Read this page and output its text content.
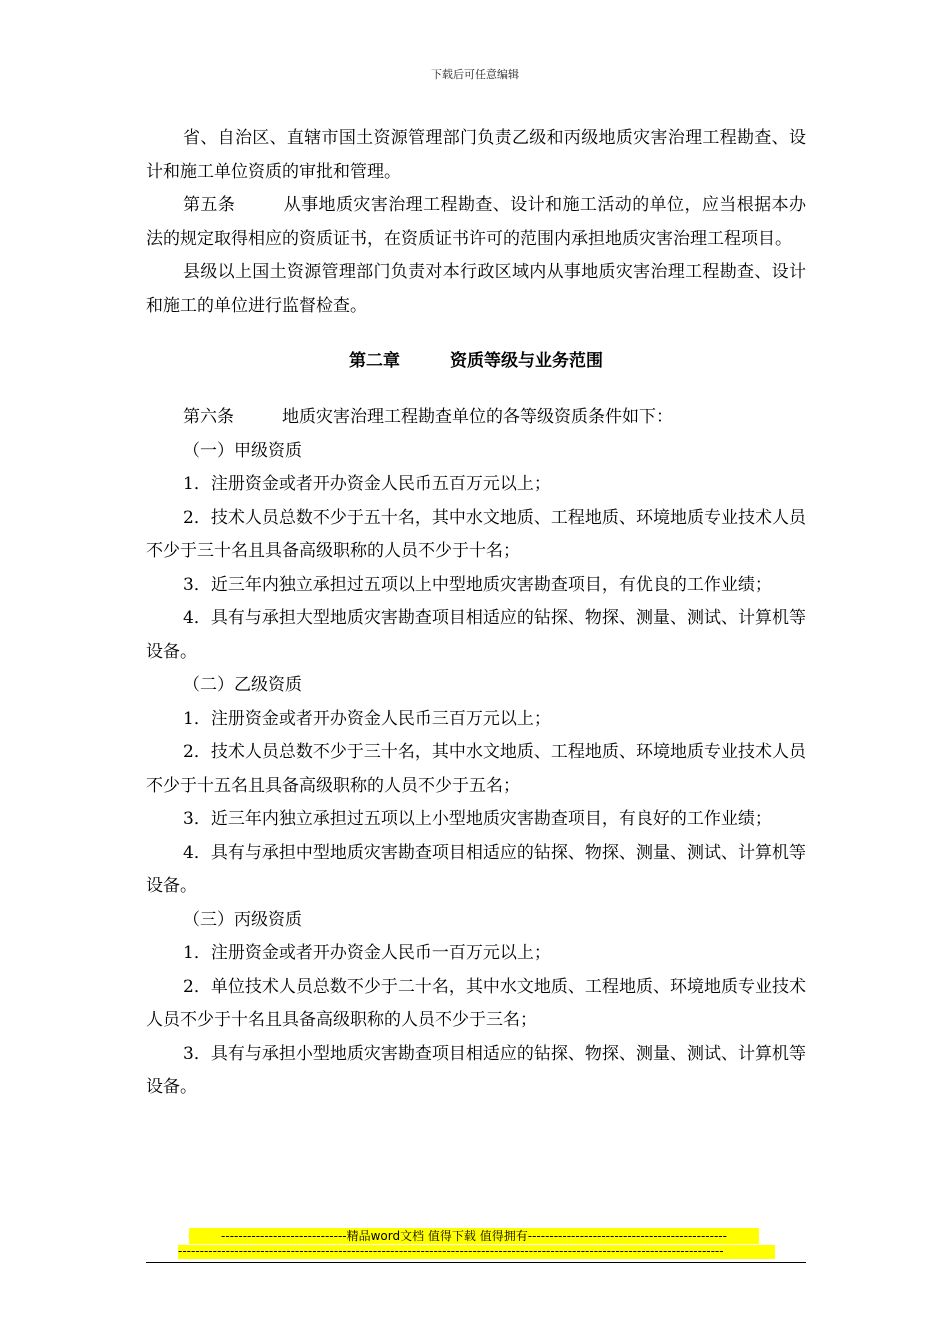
下载后可任意编辑

省、自治区、直辖市国土资源管理部门负责乙级和丙级地质灾害治理工程勘查、设计和施工单位资质的审批和管理。

第五条	从事地质灾害治理工程勘查、设计和施工活动的单位，应当根据本办法的规定取得相应的资质证书，在资质证书许可的范围内承担地质灾害治理工程项目。

县级以上国土资源管理部门负责对本行政区域内从事地质灾害治理工程勘查、设计和施工的单位进行监督检查。

第二章	资质等级与业务范围

第六条	地质灾害治理工程勘查单位的各等级资质条件如下：

（一）甲级资质

1．注册资金或者开办资金人民币五百万元以上；

2．技术人员总数不少于五十名，其中水文地质、工程地质、环境地质专业技术人员不少于三十名且具备高级职称的人员不少于十名；

3．近三年内独立承担过五项以上中型地质灾害勘查项目，有优良的工作业绩；

4．具有与承担大型地质灾害勘查项目相适应的钻探、物探、测量、测试、计算机等设备。

（二）乙级资质

1．注册资金或者开办资金人民币三百万元以上；

2．技术人员总数不少于三十名，其中水文地质、工程地质、环境地质专业技术人员不少于十五名且具备高级职称的人员不少于五名；

3．近三年内独立承担过五项以上小型地质灾害勘查项目，有良好的工作业绩；

4．具有与承担中型地质灾害勘查项目相适应的钻探、物探、测量、测试、计算机等设备。

（三）丙级资质

1．注册资金或者开办资金人民币一百万元以上；

2．单位技术人员总数不少于二十名，其中水文地质、工程地质、环境地质专业技术人员不少于十名且具备高级职称的人员不少于三名；

3．具有与承担小型地质灾害勘查项目相适应的钻探、物探、测量、测试、计算机等设备。

-----------------------------精品word文档 值得下载 值得拥有----------------------------------------------
------------------------------------------------------------------------------------------------------------------------------
